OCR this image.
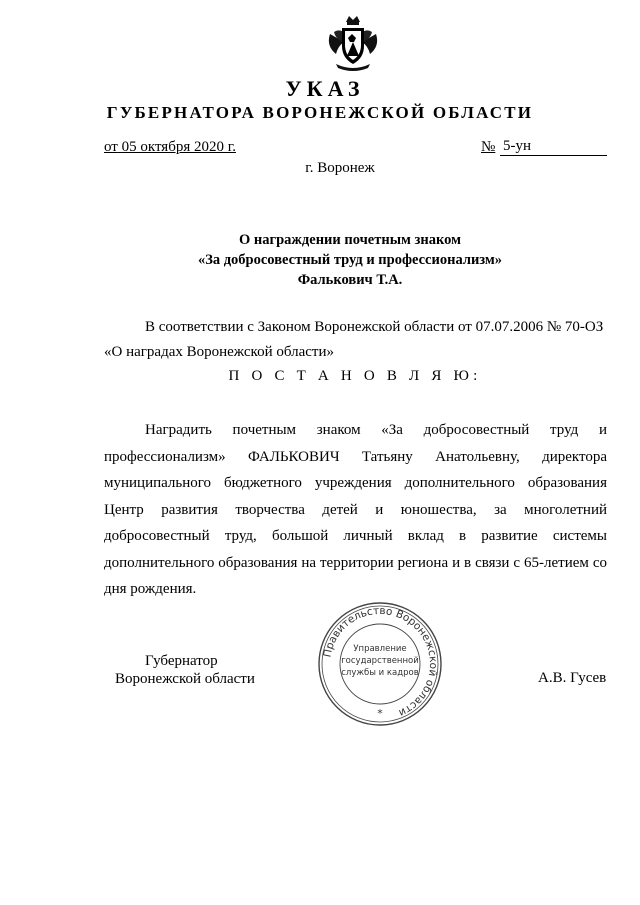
УКАЗ
ГУБЕРНАТОРА ВОРОНЕЖСКОЙ ОБЛАСТИ
от 05 октября 2020 г.	№ 5-ун
г. Воронеж
О награждении почетным знаком
«За добросовестный труд и профессионализм»
Фалькович Т.А.
В соответствии с Законом Воронежской области от 07.07.2006 № 70-ОЗ
«О наградах Воронежской области»
П О С Т А Н О В Л Я Ю:
Наградить почетным знаком «За добросовестный труд и профессионализм» ФАЛЬКОВИЧ Татьяну Анатольевну, директора муниципального бюджетного учреждения дополнительного образования Центр развития творчества детей и юношества, за многолетний добросовестный труд, большой личный вклад в развитие системы дополнительного образования на территории региона и в связи с 65-летием со дня рождения.
Губернатор
Воронежской области	А.В. Гусев
Правительство Воронежской области
Управление
государственной
службы и кадров
*
